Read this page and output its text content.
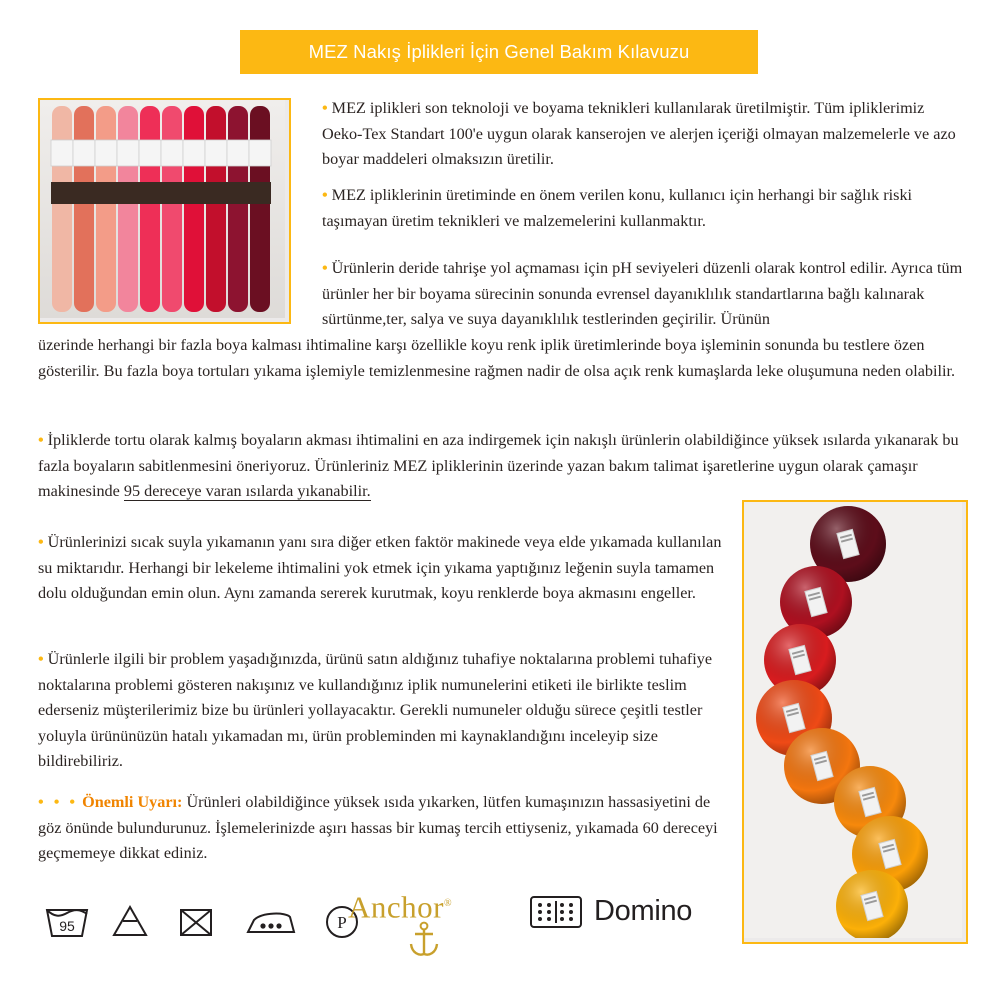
MEZ Nakış İplikleri İçin Genel Bakım Kılavuzu
• MEZ iplikleri son teknoloji ve boyama teknikleri kullanılarak üretilmiştir. Tüm ipliklerimiz Oeko-Tex Standart 100'e uygun olarak kanserojen ve alerjen içeriği olmayan malzemelerle ve azo boyar maddeleri olmaksızın üretilir.
• MEZ ipliklerinin üretiminde en önem verilen konu, kullanıcı için herhangi bir sağlık riski taşımayan üretim teknikleri ve malzemelerini kullanmaktır.
• Ürünlerin deride tahrişe yol açmaması için pH seviyeleri düzenli olarak kontrol edilir. Ayrıca tüm ürünler her bir boyama sürecinin sonunda evrensel dayanıklılık standartlarına bağlı kalınarak sürtünme,ter, salya ve suya dayanıklılık testlerinden geçirilir. Ürünün
üzerinde herhangi bir fazla boya kalması ihtimaline karşı özellikle koyu renk iplik üretimlerinde boya işleminin sonunda bu testlere özen gösterilir. Bu fazla boya tortuları yıkama işlemiyle temizlenmesine rağmen nadir de olsa açık renk kumaşlarda leke oluşumuna neden olabilir.
• İpliklerde tortu olarak kalmış boyaların akması ihtimalini en aza indirgemek için nakışlı ürünlerin olabildiğince yüksek ısılarda yıkanarak bu fazla boyaların sabitlenmesini öneriyoruz. Ürünleriniz MEZ ipliklerinin üzerinde yazan bakım talimat işaretlerine uygun olarak çamaşır makinesinde 95 dereceye varan ısılarda yıkanabilir.
• Ürünlerinizi sıcak suyla yıkamanın yanı sıra diğer etken faktör makinede veya elde yıkamada kullanılan su miktarıdır. Herhangi bir lekeleme ihtimalini yok etmek için yıkama yaptığınız leğenin suyla tamamen dolu olduğundan emin olun. Aynı zamanda sererek kurutmak, koyu renklerde boya akmasını engeller.
• Ürünlerle ilgili bir problem yaşadığınızda, ürünü satın aldığınız tuhafiye noktalarına problemi tuhafiye noktalarına problemi gösteren nakışınız ve kullandığınız iplik numunelerini etiketi ile birlikte teslim ederseniz müşterilerimiz bize bu ürünleri yollayacaktır. Gerekli numuneler olduğu sürece çeşitli testler yoluyla ürününüzün hatalı yıkamadan mı, ürün probleminden mi kaynaklandığını inceleyip size bildirebiliriz.
• • • Önemli Uyarı: Ürünleri olabildiğince yüksek ısıda yıkarken, lütfen kumaşınızın hassasiyetini de göz önünde bulundurunuz. İşlemelerinizde aşırı hassas bir kumaş tercih ettiyseniz, yıkamada 60 dereceyi geçmemeye dikkat ediniz.
95	P Anchor®	Domino
